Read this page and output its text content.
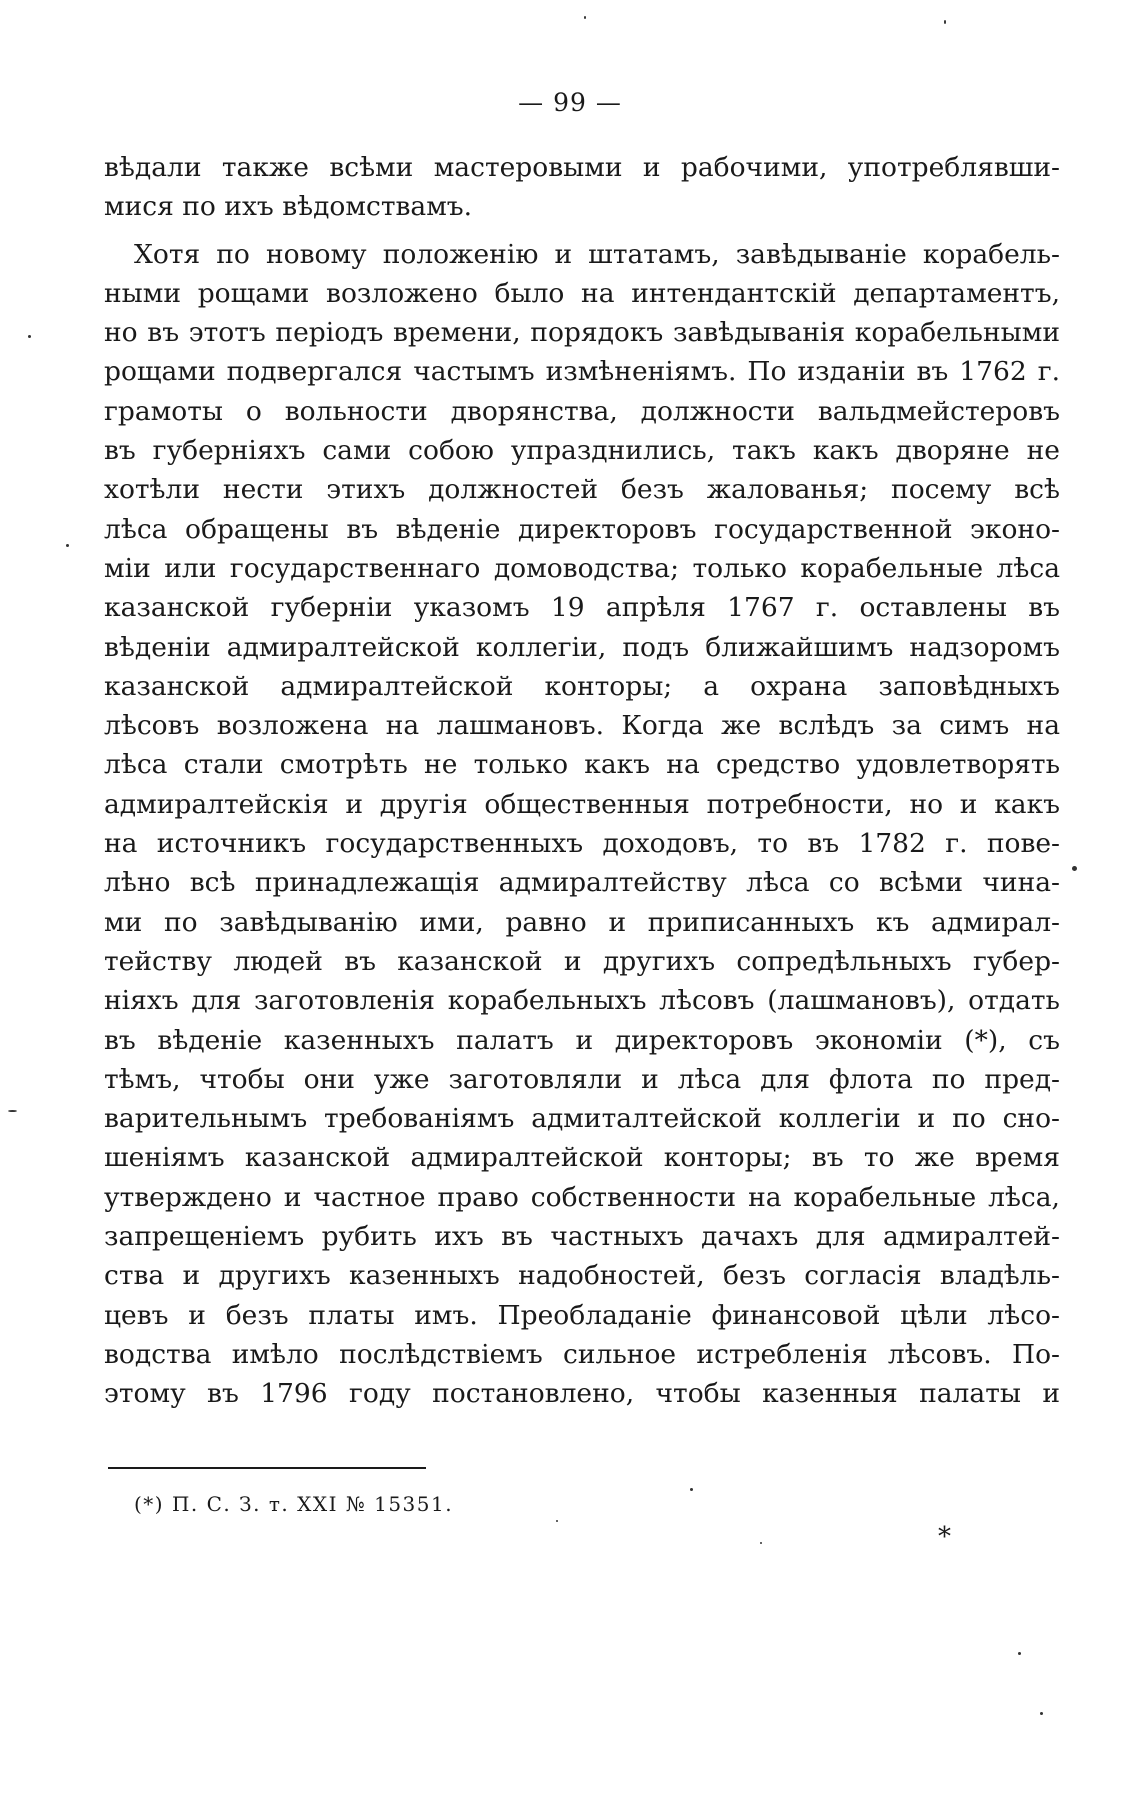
— 99 —
вѣдали также всѣми мастеровыми и рабочими, употреблявши-
мися по ихъ вѣдомствамъ.
Хотя по новому положенію и штатамъ, завѣдываніе корабель-
ными рощами возложено было на интендантскій департаментъ,
но въ этотъ періодъ времени, порядокъ завѣдыванія корабельными
рощами подвергался частымъ измѣненіямъ. По изданіи въ 1762 г.
грамоты о вольности дворянства, должности вальдмейстеровъ
въ губерніяхъ сами собою упразднились, такъ какъ дворяне не
хотѣли нести этихъ должностей безъ жалованья; посему всѣ
лѣса обращены въ вѣденіе директоровъ государственной эконо-
міи или государственнаго домоводства; только корабельные лѣса
казанской губерніи указомъ 19 апрѣля 1767 г. оставлены въ
вѣденіи адмиралтейской коллегіи, подъ ближайшимъ надзоромъ
казанской адмиралтейской конторы; а охрана заповѣдныхъ
лѣсовъ возложена на лашмановъ. Когда же вслѣдъ за симъ на
лѣса стали смотрѣть не только какъ на средство удовлетворять
адмиралтейскія и другія общественныя потребности, но и какъ
на источникъ государственныхъ доходовъ, то въ 1782 г. пове-
лѣно всѣ принадлежащія адмиралтейству лѣса со всѣми чина-
ми по завѣдыванію ими, равно и приписанныхъ къ адмирал-
тейству людей въ казанской и другихъ сопредѣльныхъ губер-
ніяхъ для заготовленія корабельныхъ лѣсовъ (лашмановъ), отдать
въ вѣденіе казенныхъ палатъ и директоровъ экономіи (*), съ
тѣмъ, чтобы они уже заготовляли и лѣса для флота по пред-
варительнымъ требованіямъ адмиталтейской коллегіи и по сно-
шеніямъ казанской адмиралтейской конторы; въ то же время
утверждено и частное право собственности на корабельные лѣса,
запрещеніемъ рубить ихъ въ частныхъ дачахъ для адмиралтей-
ства и другихъ казенныхъ надобностей, безъ согласія владѣль-
цевъ и безъ платы имъ. Преобладаніе финансовой цѣли лѣсо-
водства имѣло послѣдствіемъ сильное истребленія лѣсовъ. По-
этому въ 1796 году постановлено, чтобы казенныя палаты и
(*) П. С. З. т. XXI № 15351.
*
